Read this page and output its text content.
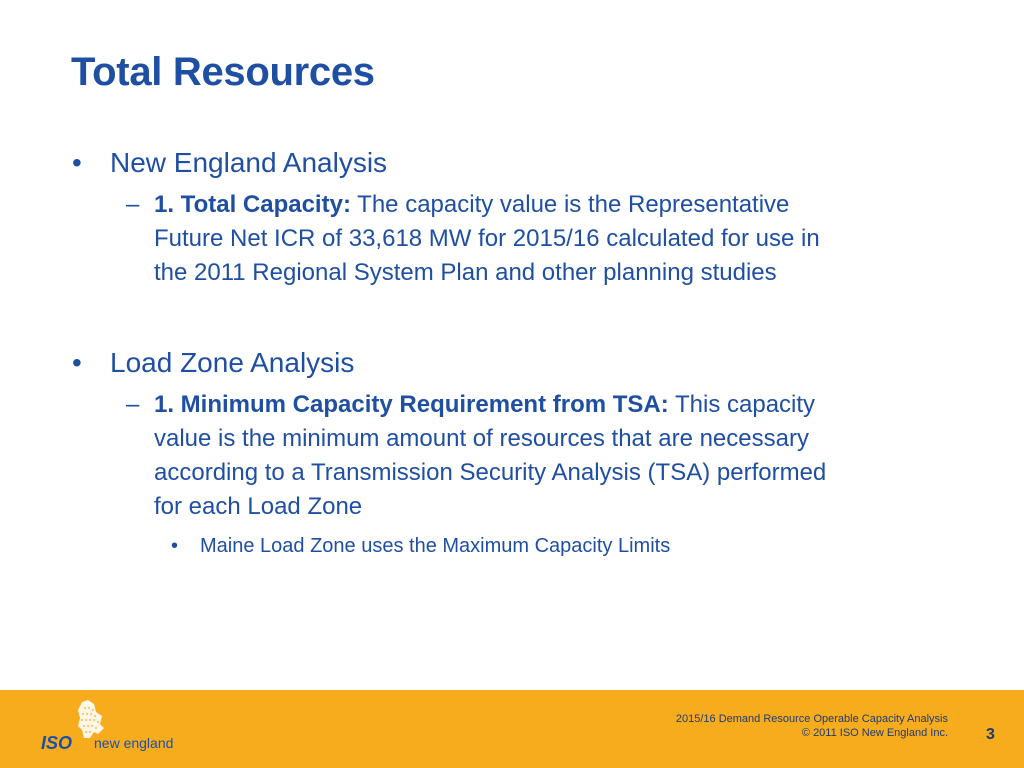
Total Resources
• New England Analysis
– 1. Total Capacity: The capacity value is the Representative
Future Net ICR of 33,618 MW for 2015/16 calculated for use in
the 2011 Regional System Plan and other planning studies
• Load Zone Analysis
– 1. Minimum Capacity Requirement from TSA: This capacity
value is the minimum amount of resources that are necessary
according to a Transmission Security Analysis (TSA) performed
for each Load Zone
• Maine Load Zone uses the Maximum Capacity Limits
ISO new england
2015/16 Demand Resource Operable Capacity Analysis
© 2011 ISO New England Inc. 3
